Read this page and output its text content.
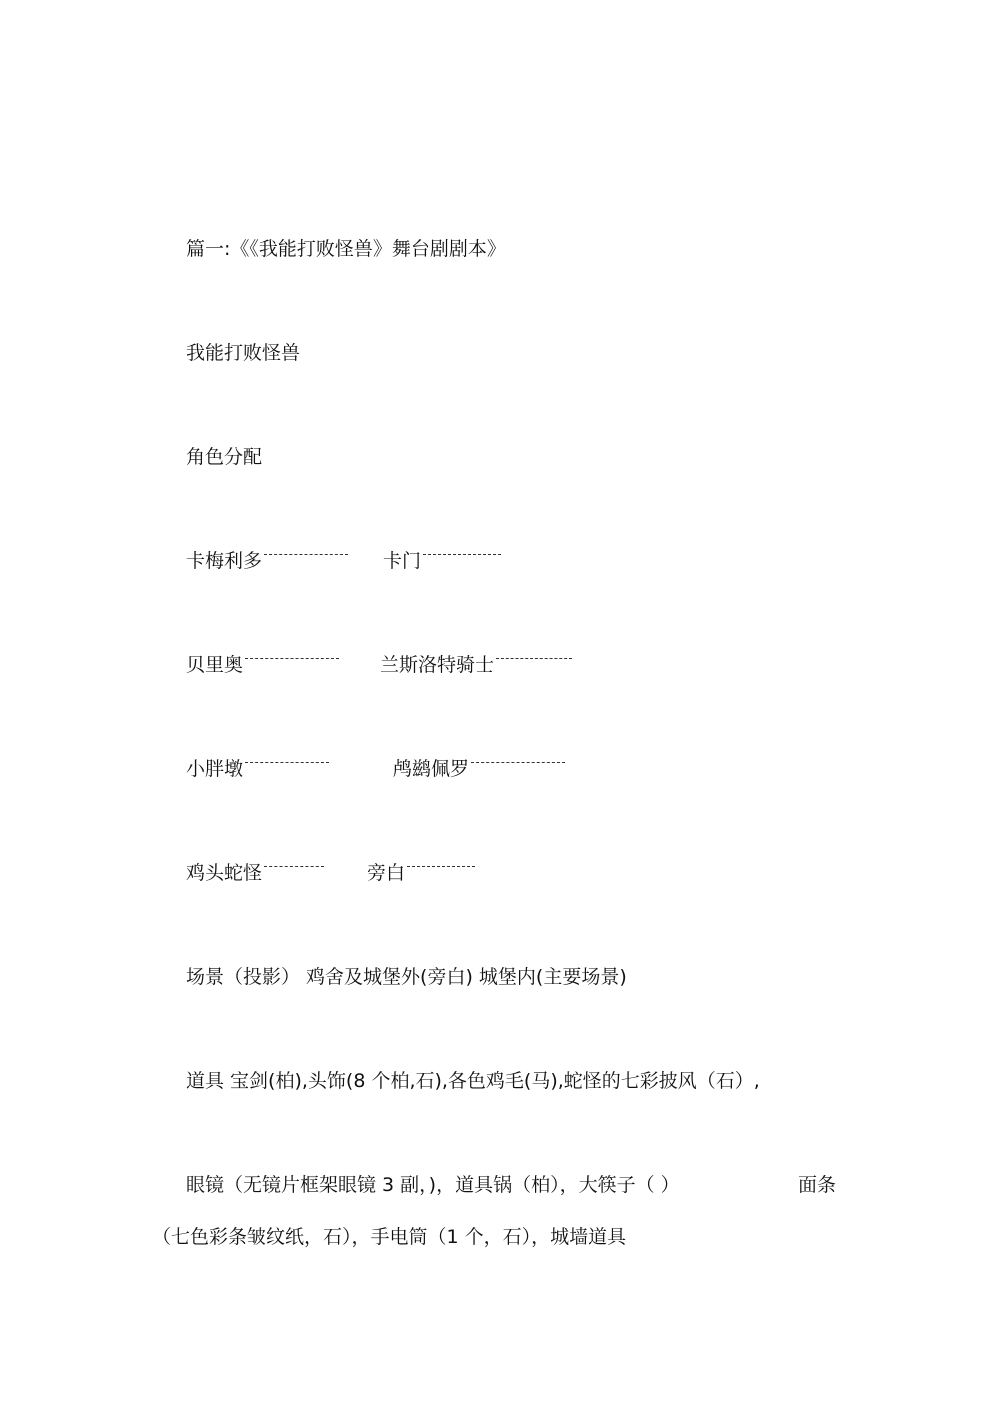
篇一:《《我能打败怪兽》舞台剧剧本》
我能打败怪兽
角色分配
卡梅利多	卡门
贝里奥	兰斯洛特骑士
小胖墩	鸬鹚佩罗
鸡头蛇怪	旁白
场景（投影） 鸡舍及城堡外(旁白) 城堡内(主要场景)
道具 宝剑(柏),头饰(8 个柏,石),各色鸡毛(马),蛇怪的七彩披风（石）,
眼镜（无镜片框架眼镜 3 副，)，道具锅（柏），大筷子（ ）	面条
（七色彩条皱纹纸，石），手电筒（1 个，石），城墙道具
